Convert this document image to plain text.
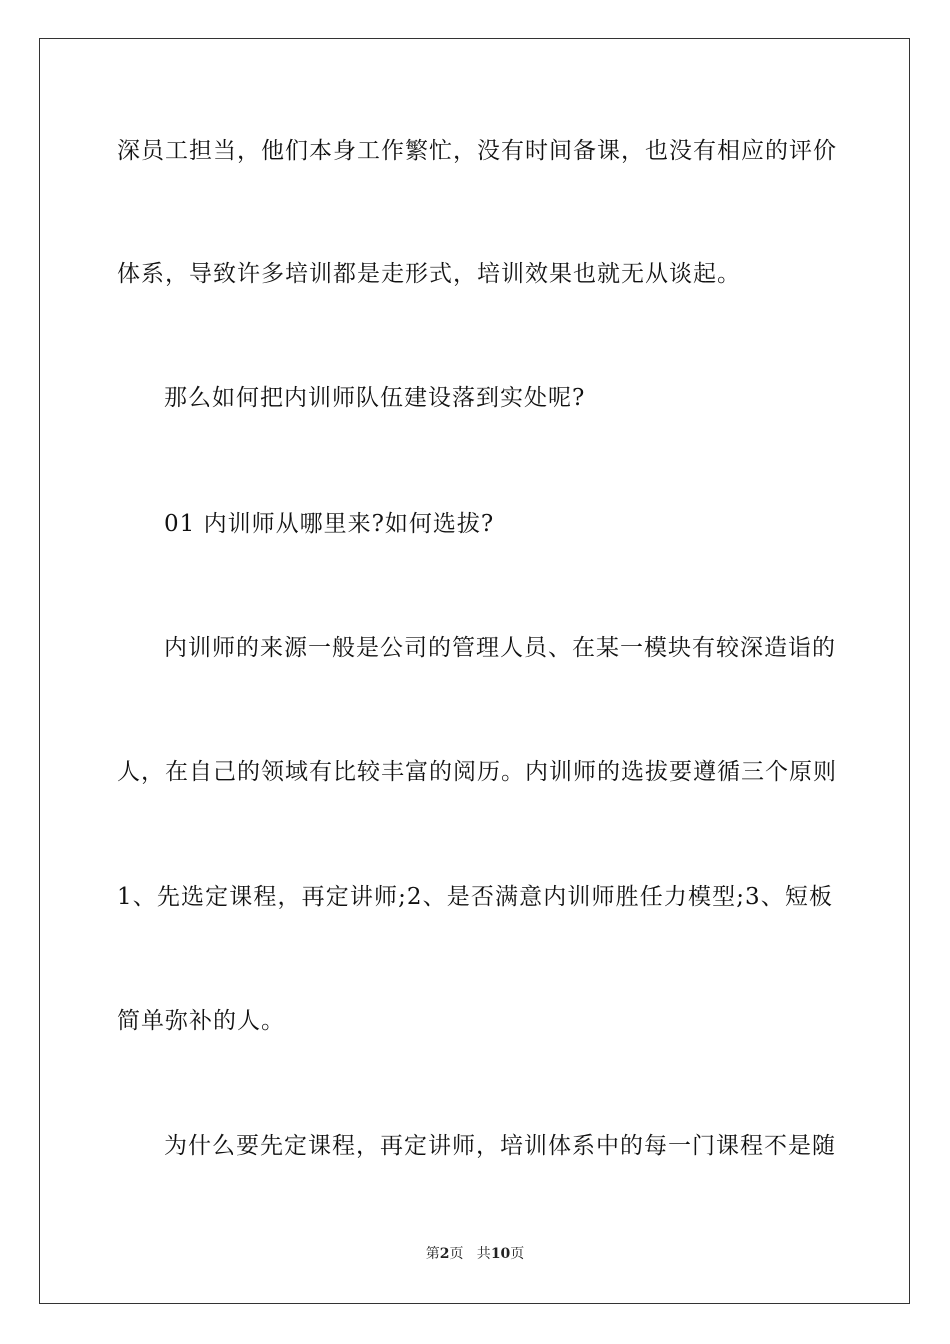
深员工担当，他们本身工作繁忙，没有时间备课，也没有相应的评价
体系，导致许多培训都是走形式，培训效果也就无从谈起。
那么如何把内训师队伍建设落到实处呢?
01 内训师从哪里来?如何选拔?
内训师的来源一般是公司的管理人员、在某一模块有较深造诣的
人，在自己的领域有比较丰富的阅历。内训师的选拔要遵循三个原则
1、先选定课程，再定讲师;2、是否满意内训师胜任力模型;3、短板
简单弥补的人。
为什么要先定课程，再定讲师，培训体系中的每一门课程不是随
第2页   共10页
